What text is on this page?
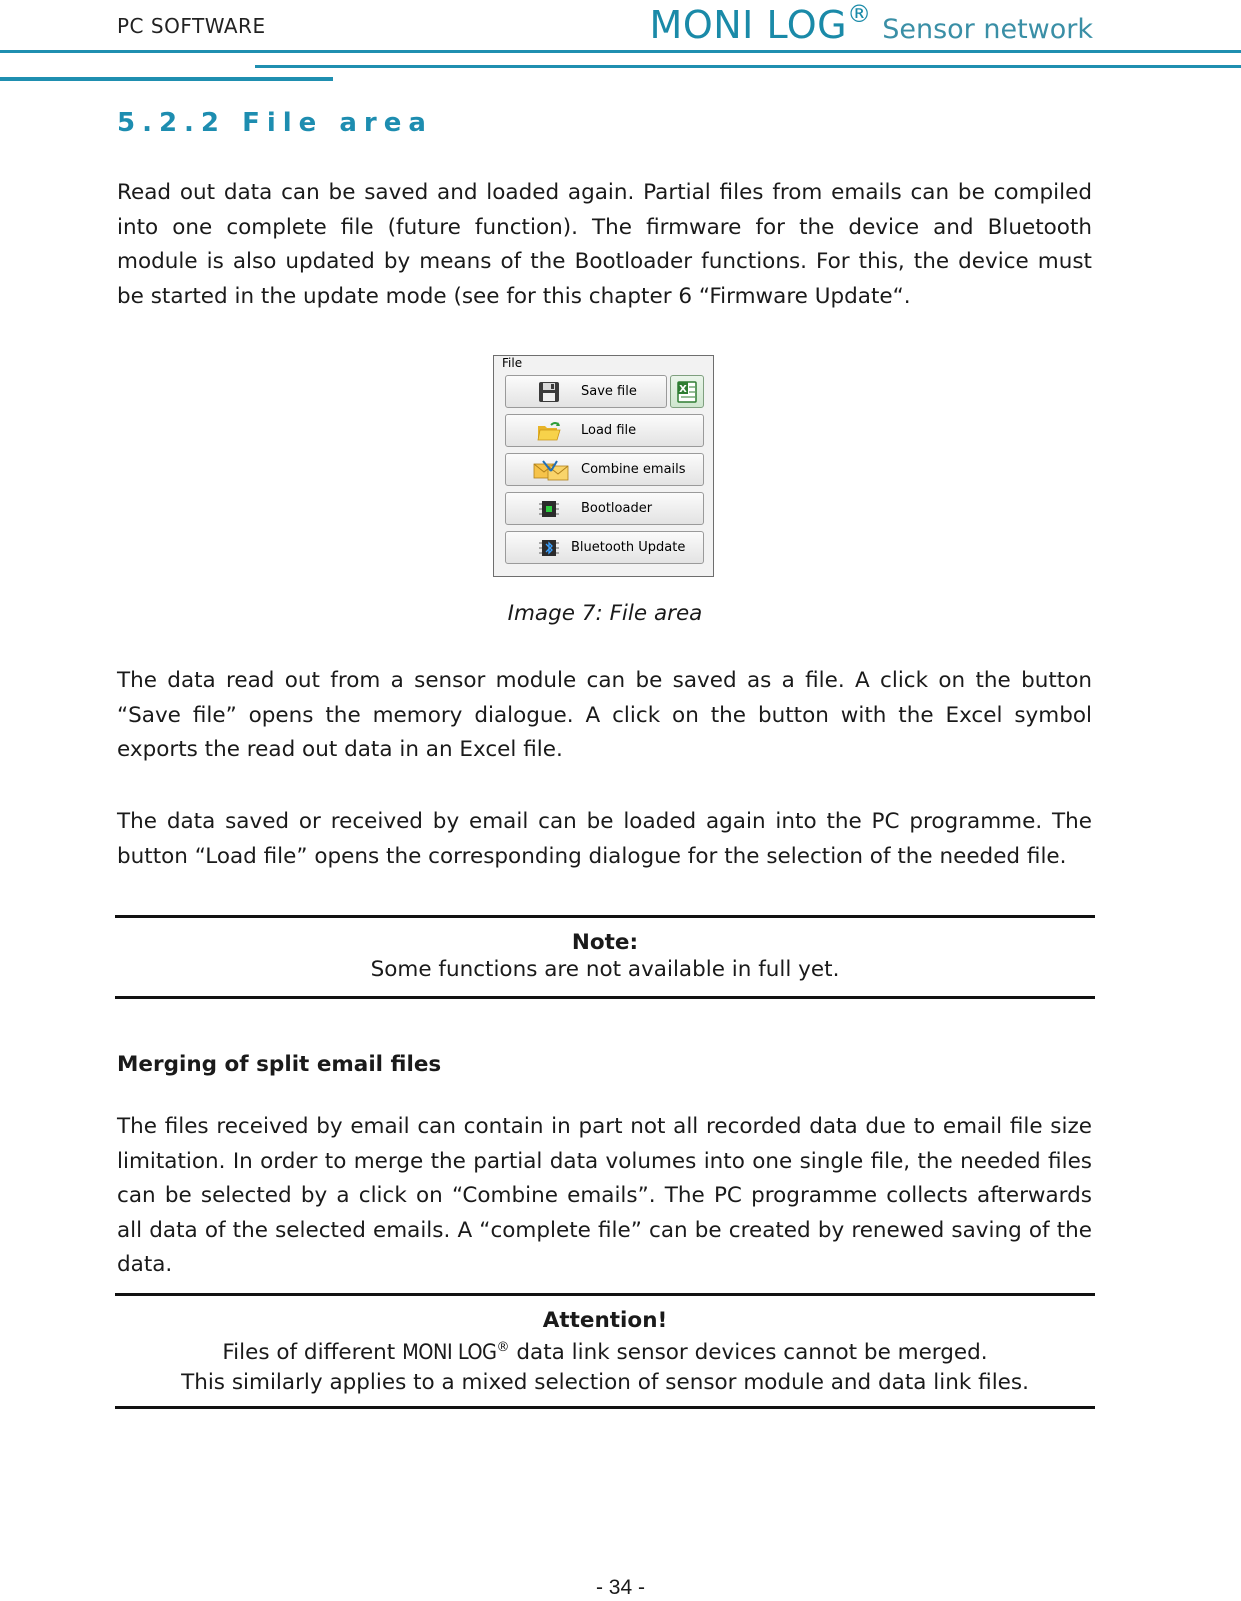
PC SOFTWARE	MONI LOG® Sensor network
5.2.2 File area
Read out data can be saved and loaded again. Partial files from emails can be compiled into one complete file (future function). The firmware for the device and Bluetooth module is also updated by means of the Bootloader functions. For this, the device must be started in the update mode (see for this chapter 6 “Firmware Update“.
File
Save file	X
Load file
Combine emails
Bootloader
Bluetooth Update
Image 7: File area
The data read out from a sensor module can be saved as a file. A click on the button “Save file” opens the memory dialogue. A click on the button with the Excel symbol exports the read out data in an Excel file.
The data saved or received by email can be loaded again into the PC programme. The button “Load file” opens the corresponding dialogue for the selection of the needed file.
Note:
Some functions are not available in full yet.
Merging of split email files
The files received by email can contain in part not all recorded data due to email file size limitation. In order to merge the partial data volumes into one single file, the needed files can be selected by a click on “Combine emails”. The PC programme collects afterwards all data of the selected emails. A “complete file” can be created by renewed saving of the data.
Attention!
Files of different MONI LOG® data link sensor devices cannot be merged.
This similarly applies to a mixed selection of sensor module and data link files.
- 34 -
